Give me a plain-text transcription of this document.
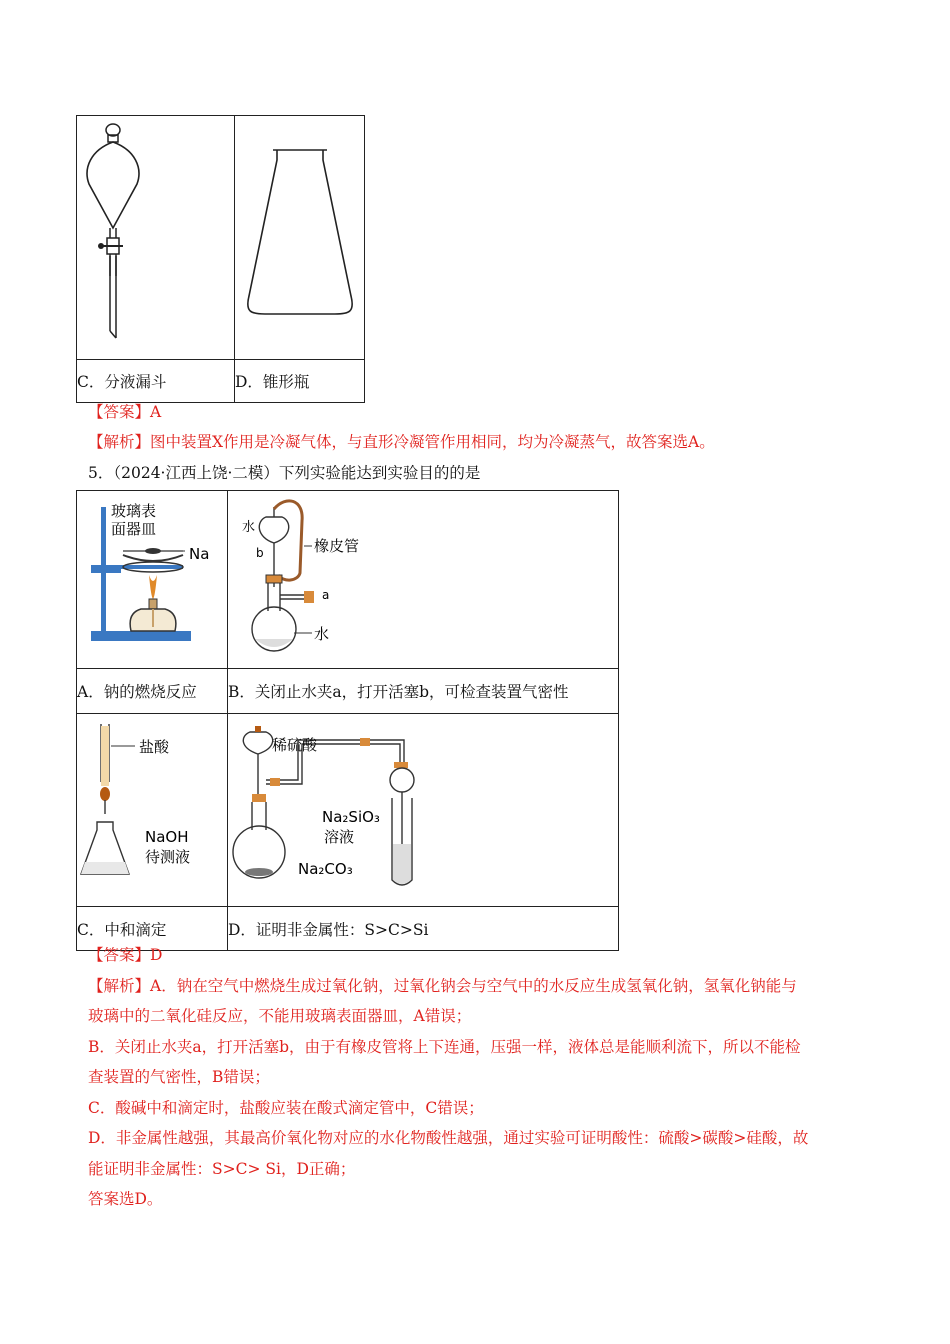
C．分液漏斗	D．锥形瓶
【答案】A
【解析】图中装置X作用是冷凝气体，与直形冷凝管作用相同，均为冷凝蒸气，故答案选A。
5．（2024·江西上饶·二模）下列实验能达到实验目的的是
玻璃表
面器皿
Na	水
b 橡皮管
a
水

A．钠的燃烧反应	B．关闭止水夹a，打开活塞b，可检查装置气密性

盐酸
NaOH
待测液	稀硫酸
Na₂SiO₃
溶液
Na₂CO₃

C．中和滴定	D．证明非金属性：S>C>Si
【答案】D
【解析】A．钠在空气中燃烧生成过氧化钠，过氧化钠会与空气中的水反应生成氢氧化钠，氢氧化钠能与
玻璃中的二氧化硅反应，不能用玻璃表面器皿，A错误；
B．关闭止水夹a，打开活塞b，由于有橡皮管将上下连通，压强一样，液体总是能顺利流下，所以不能检
查装置的气密性，B错误；
C．酸碱中和滴定时，盐酸应装在酸式滴定管中，C错误；
D．非金属性越强，其最高价氧化物对应的水化物酸性越强，通过实验可证明酸性：硫酸>碳酸>硅酸，故
能证明非金属性：S>C> Si，D正确；
答案选D。
